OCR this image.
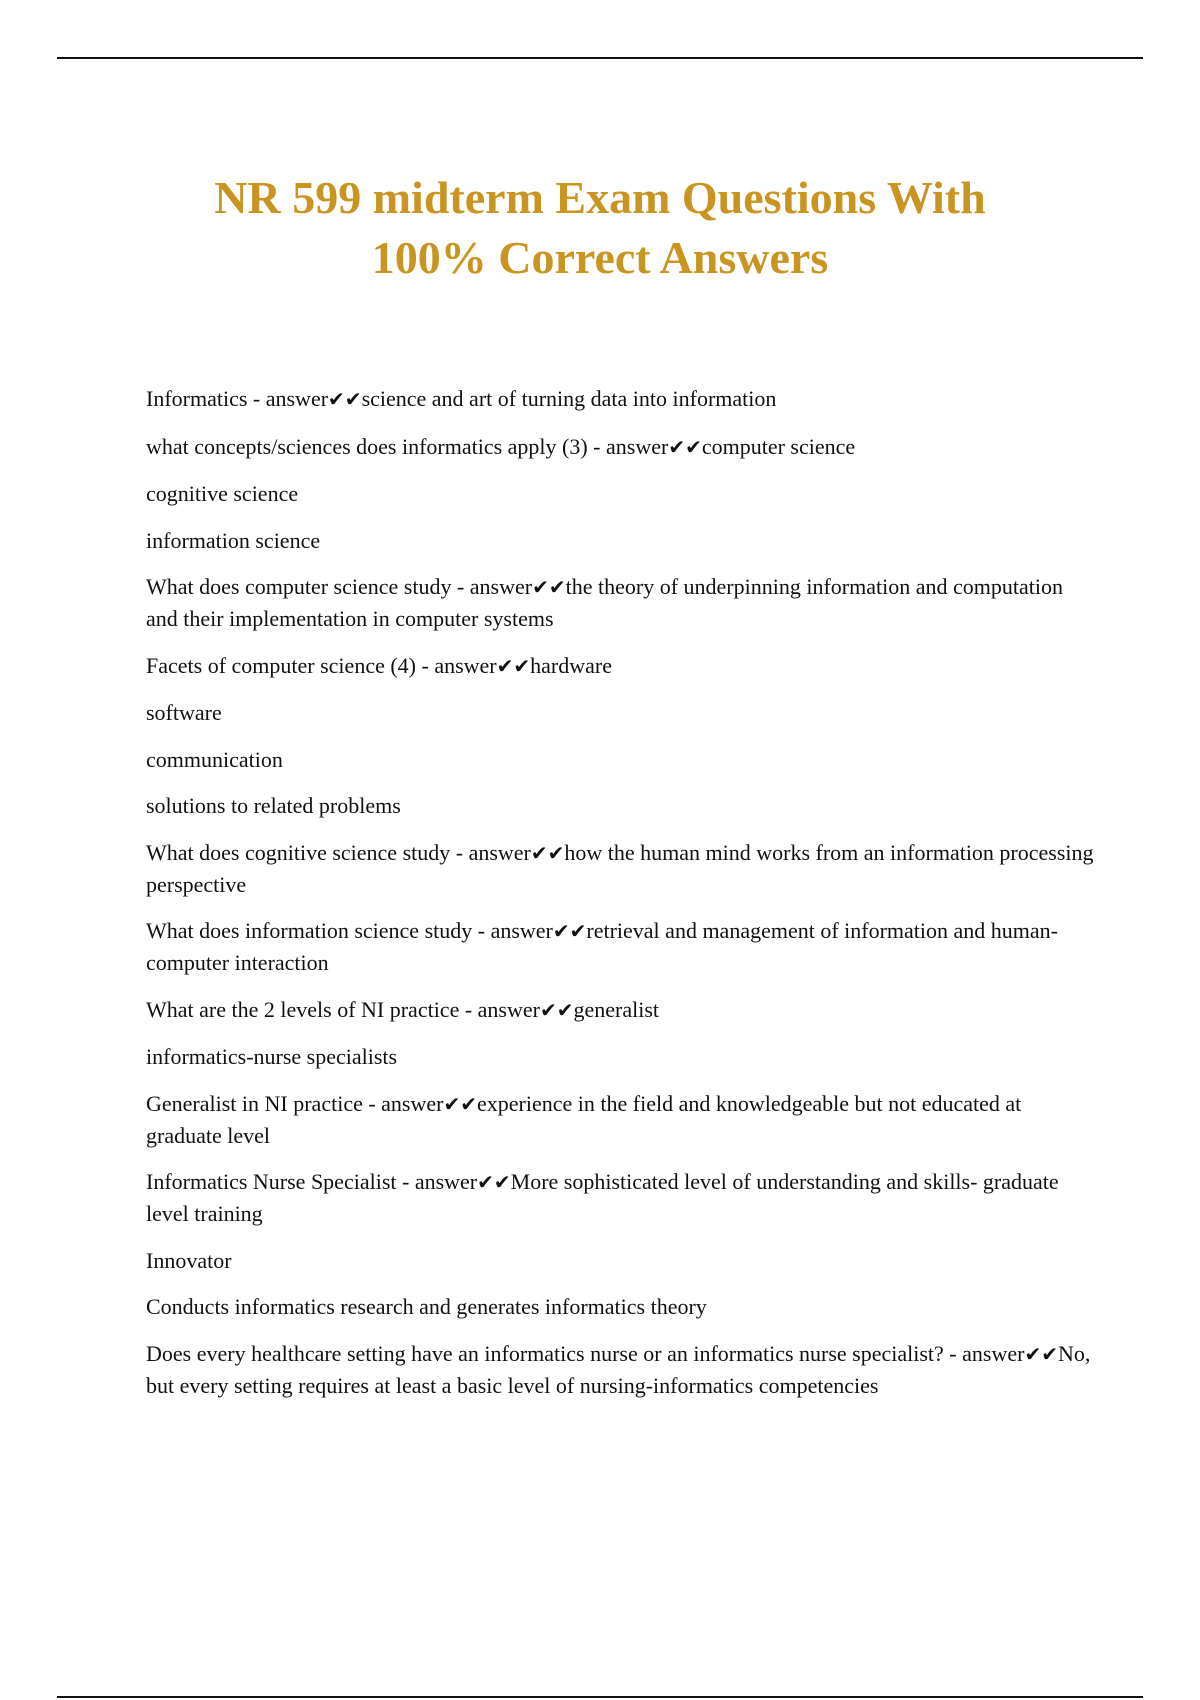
NR 599 midterm Exam Questions With
100% Correct Answers

Informatics - answer✔✔science and art of turning data into information

what concepts/sciences does informatics apply (3) - answer✔✔computer science

cognitive science

information science

What does computer science study - answer✔✔the theory of underpinning information and computation and their implementation in computer systems

Facets of computer science (4) - answer✔✔hardware

software

communication

solutions to related problems

What does cognitive science study - answer✔✔how the human mind works from an information processing perspective

What does information science study - answer✔✔retrieval and management of information and human-computer interaction

What are the 2 levels of NI practice - answer✔✔generalist

informatics-nurse specialists

Generalist in NI practice - answer✔✔experience in the field and knowledgeable but not educated at graduate level

Informatics Nurse Specialist - answer✔✔More sophisticated level of understanding and skills- graduate level training

Innovator

Conducts informatics research and generates informatics theory

Does every healthcare setting have an informatics nurse or an informatics nurse specialist? - answer✔✔No, but every setting requires at least a basic level of nursing-informatics competencies
